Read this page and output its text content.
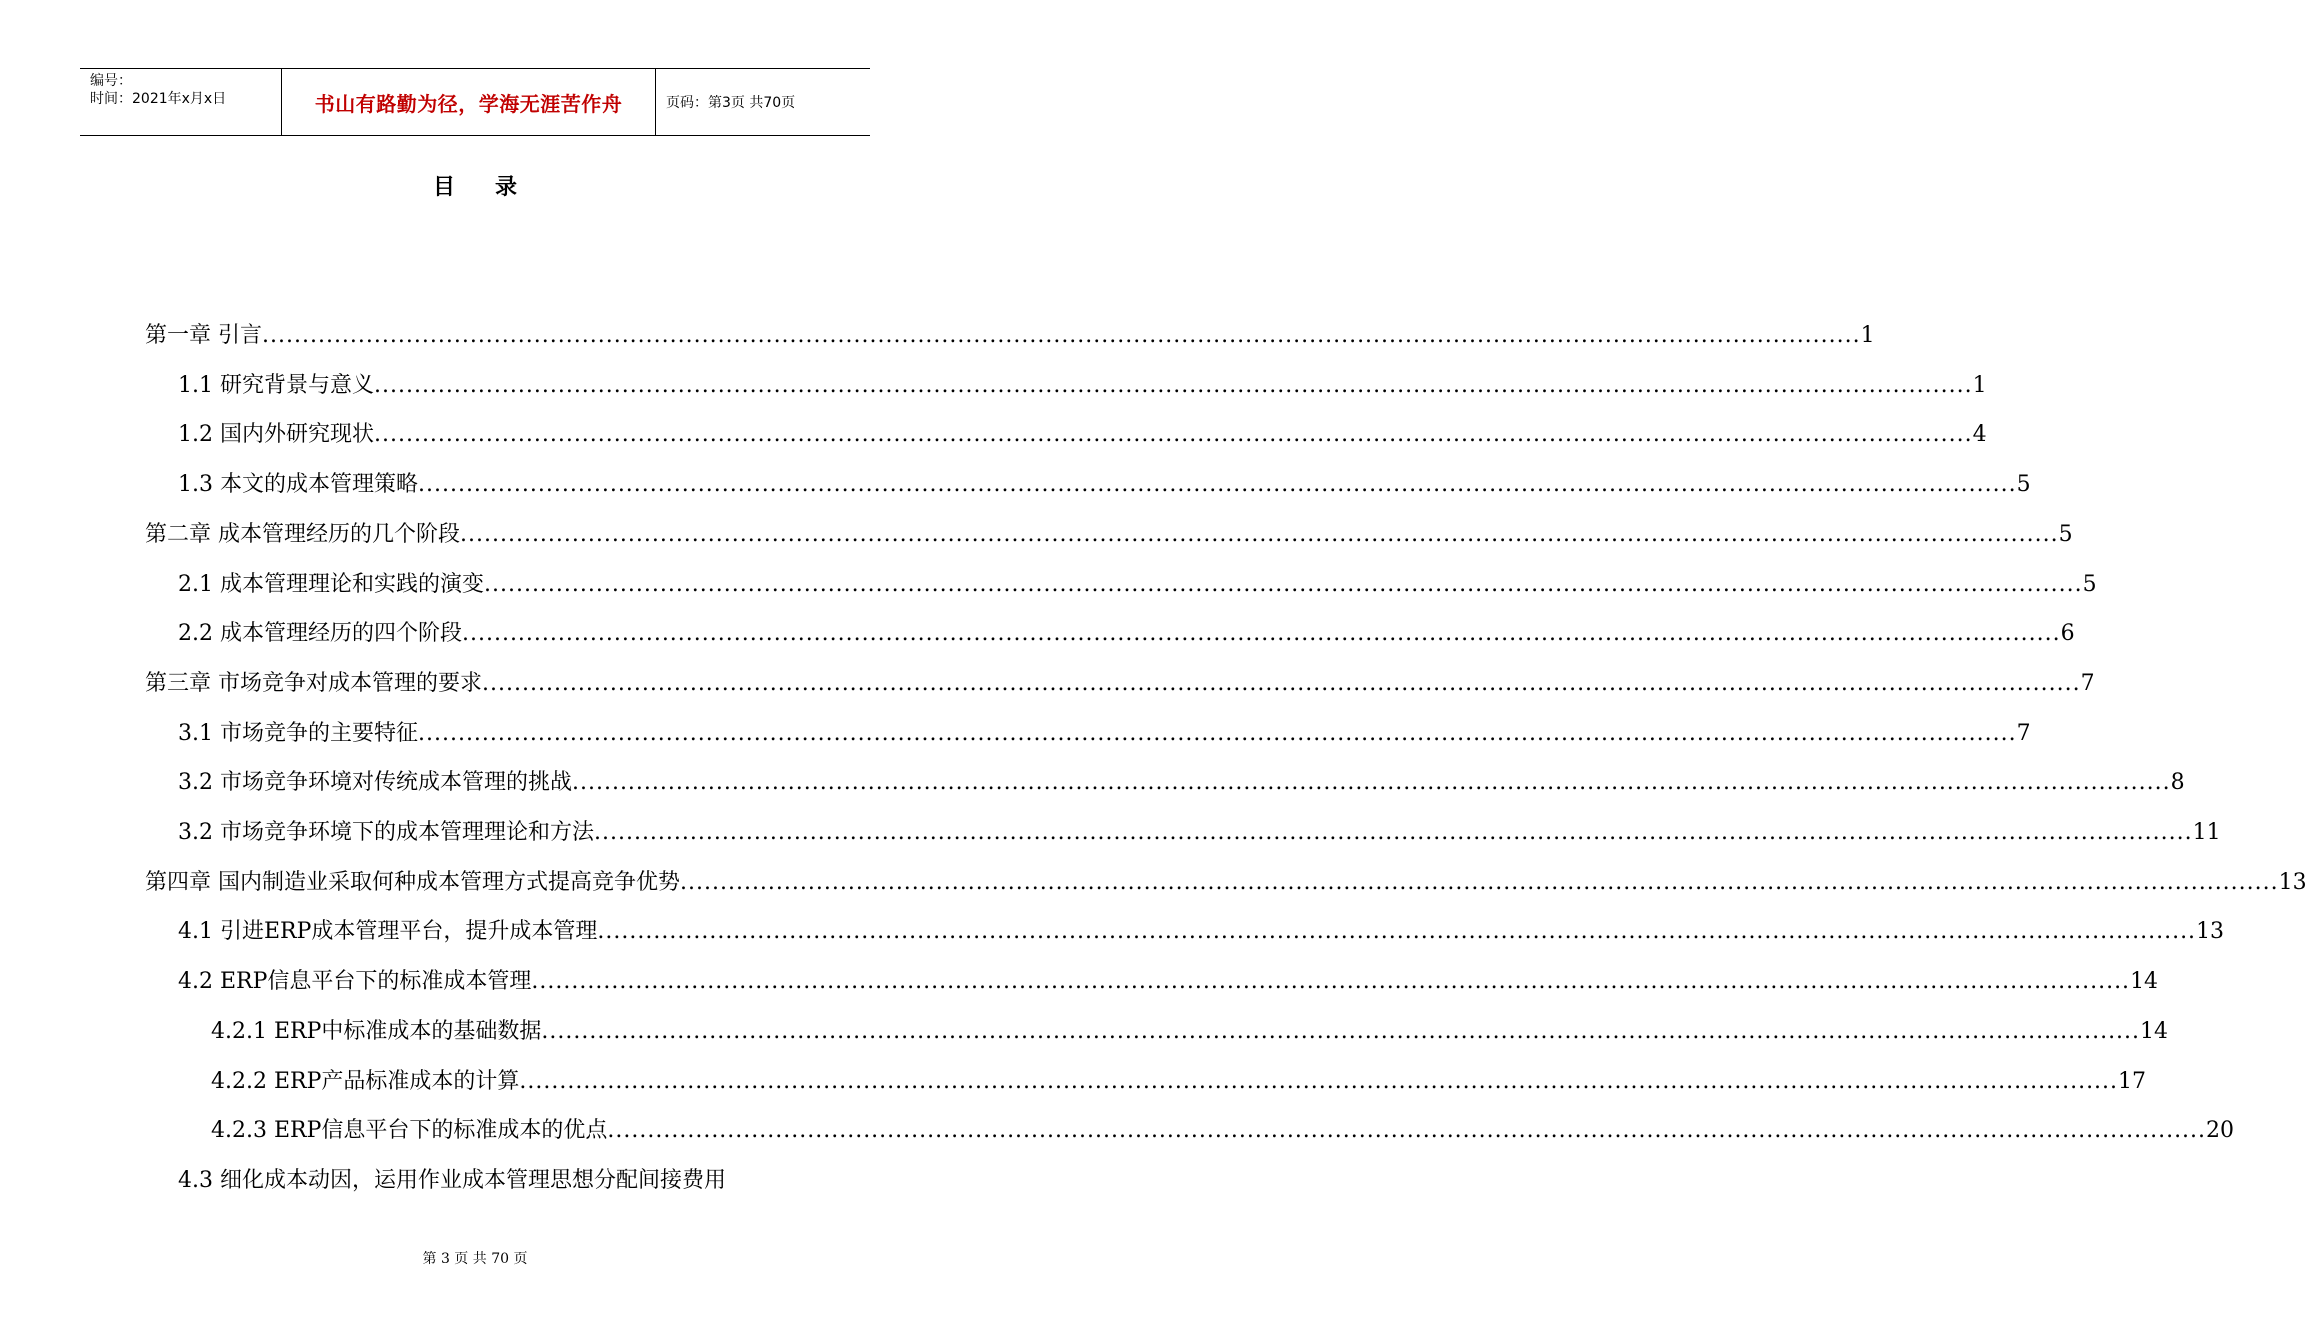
编号：
时间：2021年x月x日	书山有路勤为径，学海无涯苦作舟	页码：第3页 共70页
目录
第一章 引言 ........................................................................................................................................................................................................ 1
1.1 研究背景与意义 ........................................................................................................................................................................................................ 1
1.2 国内外研究现状 ........................................................................................................................................................................................................ 4
1.3 本文的成本管理策略 ........................................................................................................................................................................................................ 5
第二章 成本管理经历的几个阶段 ........................................................................................................................................................................................................ 5
2.1 成本管理理论和实践的演变 ........................................................................................................................................................................................................ 5
2.2 成本管理经历的四个阶段 ........................................................................................................................................................................................................ 6
第三章 市场竞争对成本管理的要求 ........................................................................................................................................................................................................ 7
3.1 市场竞争的主要特征 ........................................................................................................................................................................................................ 7
3.2 市场竞争环境对传统成本管理的挑战 ........................................................................................................................................................................................................ 8
3.2 市场竞争环境下的成本管理理论和方法 ........................................................................................................................................................................................................ 11
第四章 国内制造业采取何种成本管理方式提高竞争优势 ........................................................................................................................................................................................................ 13
4.1 引进ERP成本管理平台，提升成本管理 ........................................................................................................................................................................................................ 13
4.2 ERP信息平台下的标准成本管理 ........................................................................................................................................................................................................ 14
4.2.1 ERP中标准成本的基础数据 ........................................................................................................................................................................................................ 14
4.2.2 ERP产品标准成本的计算 ........................................................................................................................................................................................................ 17
4.2.3 ERP信息平台下的标准成本的优点 ........................................................................................................................................................................................................ 20
4.3 细化成本动因，运用作业成本管理思想分配间接费用
第 3 页 共 70 页
